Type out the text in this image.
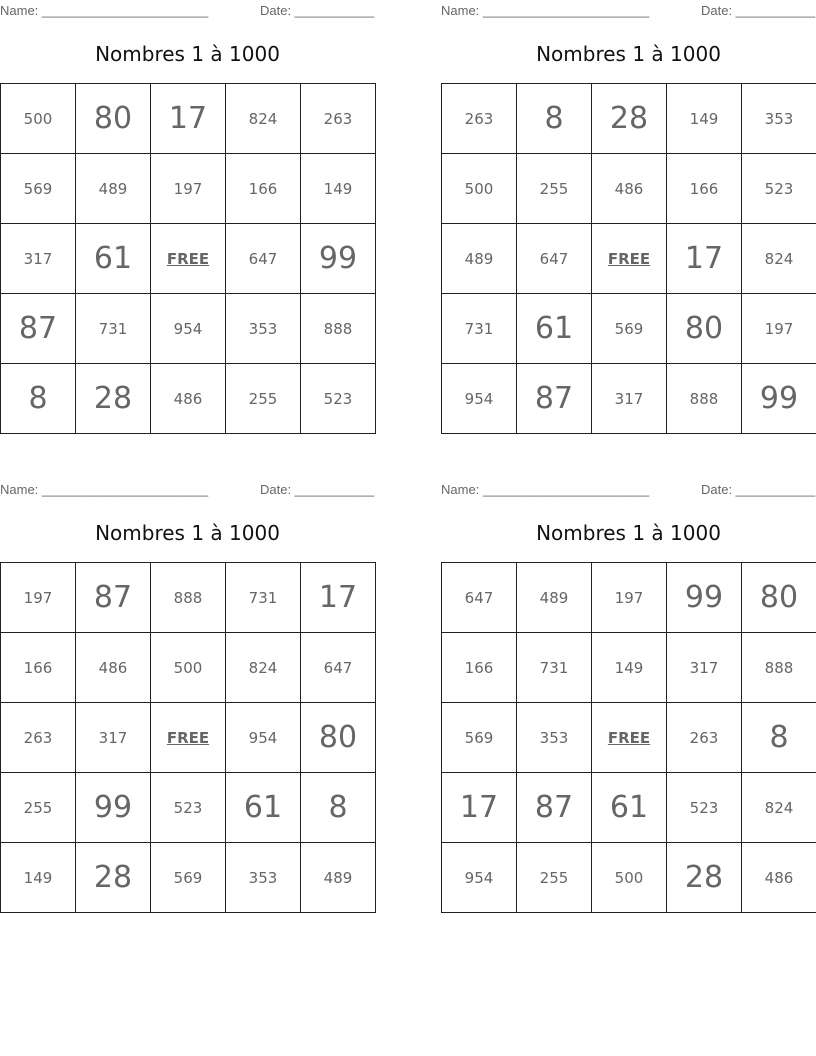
Name: _______________________	Date: ___________
Nombres 1 à 1000
500	80	17	824	263
569	489	197	166	149
317	61	FREE	647	99
87	731	954	353	888
8	28	486	255	523
Name: _______________________	Date: ___________
Nombres 1 à 1000
263	8	28	149	353
500	255	486	166	523
489	647	FREE	17	824
731	61	569	80	197
954	87	317	888	99
Name: _______________________	Date: ___________
Nombres 1 à 1000
197	87	888	731	17
166	486	500	824	647
263	317	FREE	954	80
255	99	523	61	8
149	28	569	353	489
Name: _______________________	Date: ___________
Nombres 1 à 1000
647	489	197	99	80
166	731	149	317	888
569	353	FREE	263	8
17	87	61	523	824
954	255	500	28	486
